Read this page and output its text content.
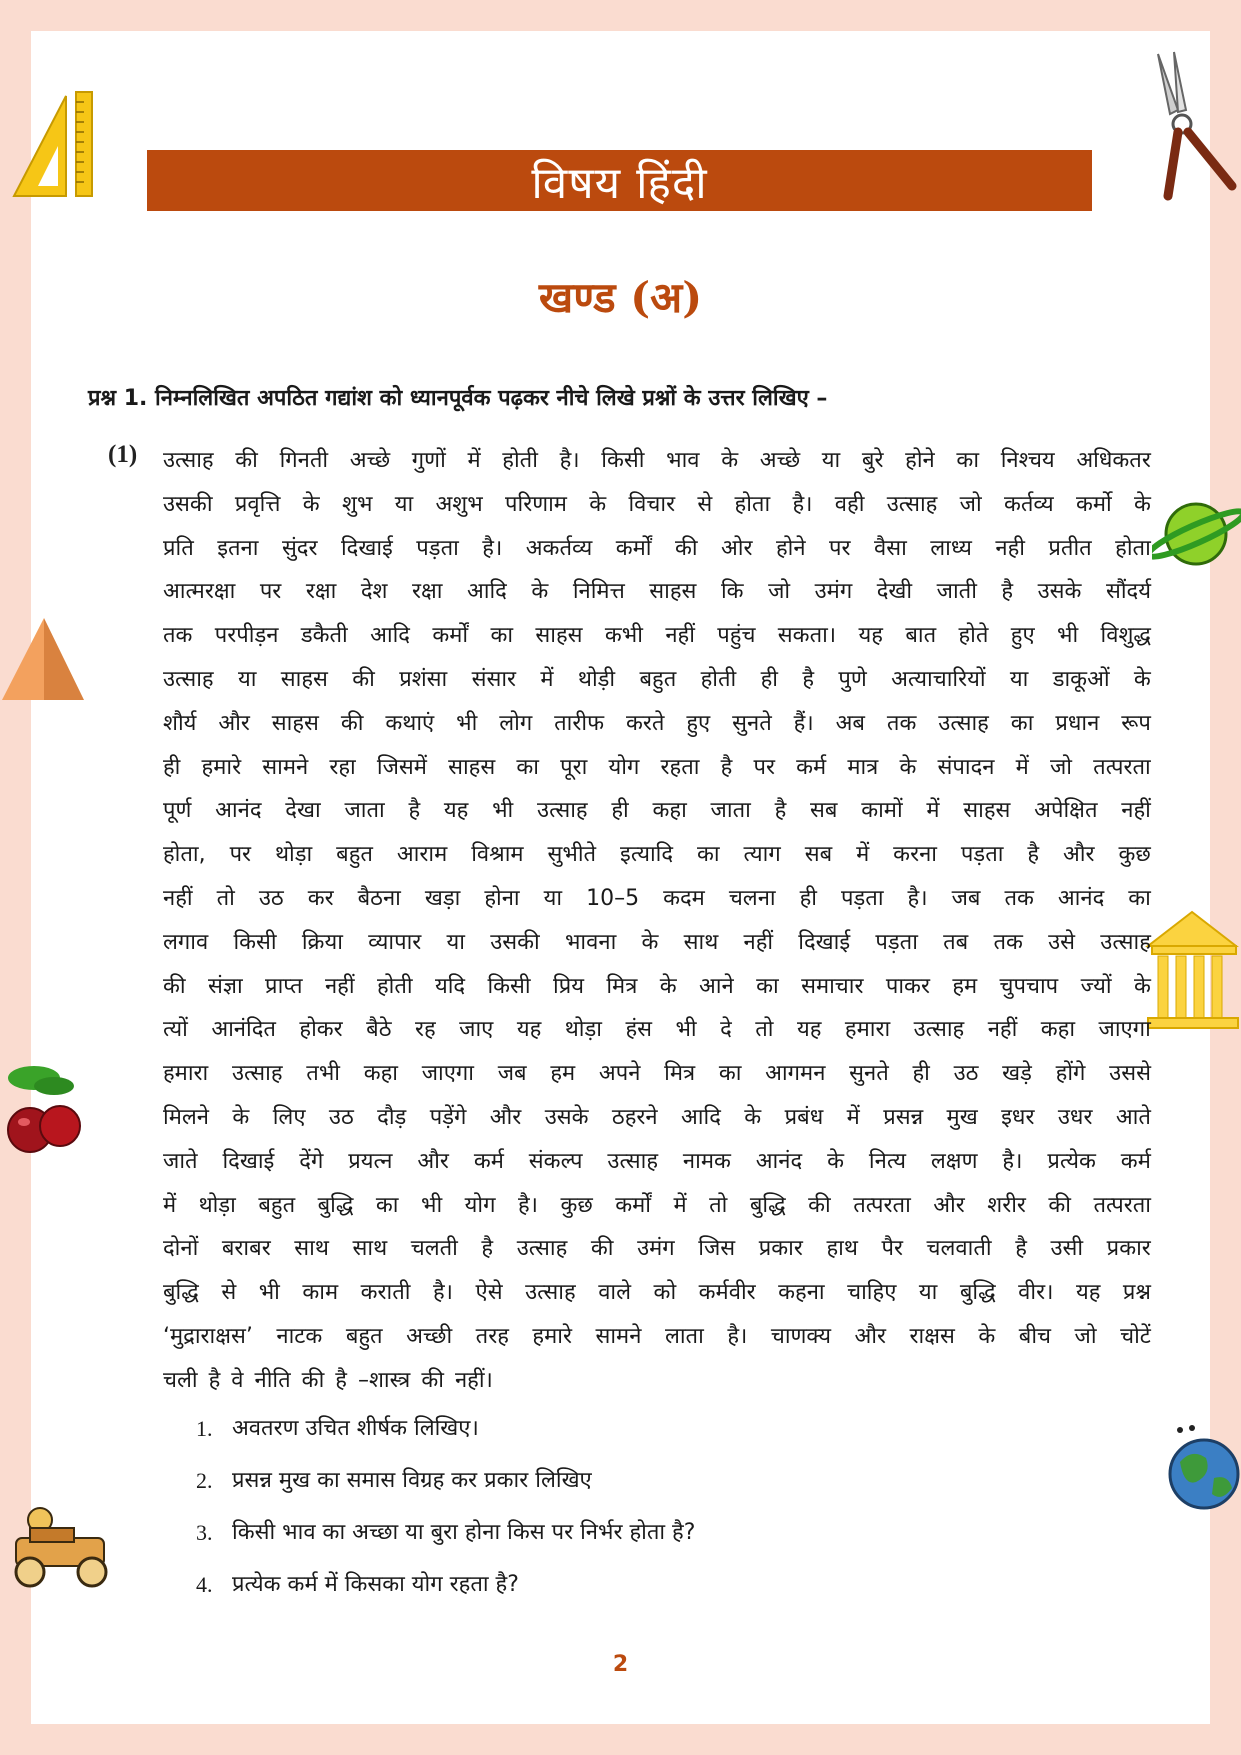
विषय हिंदी
खण्ड (अ)
प्रश्न 1. निम्नलिखित अपठित गद्यांश को ध्यानपूर्वक पढ़कर नीचे लिखे प्रश्नों के उत्तर लिखिए –
(1) उत्साह की गिनती अच्छे गुणों में होती है। किसी भाव के अच्छे या बुरे होने का निश्चय अधिकतर
उसकी प्रवृत्ति के शुभ या अशुभ परिणाम के विचार से होता है। वही उत्साह जो कर्तव्य कर्मो के
प्रति इतना सुंदर दिखाई पड़ता है। अकर्तव्य कर्मों की ओर होने पर वैसा लाध्य नही प्रतीत होता
आत्मरक्षा पर रक्षा देश रक्षा आदि के निमित्त साहस कि जो उमंग देखी जाती है उसके सौंदर्य
तक परपीड़न डकैती आदि कर्मों का साहस कभी नहीं पहुंच सकता। यह बात होते हुए भी विशुद्ध
उत्साह या साहस की प्रशंसा संसार में थोड़ी बहुत होती ही है पुणे अत्याचारियों या डाकूओं के
शौर्य और साहस की कथाएं भी लोग तारीफ करते हुए सुनते हैं। अब तक उत्साह का प्रधान रूप
ही हमारे सामने रहा जिसमें साहस का पूरा योग रहता है पर कर्म मात्र के संपादन में जो तत्परता
पूर्ण आनंद देखा जाता है यह भी उत्साह ही कहा जाता है सब कामों में साहस अपेक्षित नहीं
होता, पर थोड़ा बहुत आराम विश्राम सुभीते इत्यादि का त्याग सब में करना पड़ता है और कुछ
नहीं तो उठ कर बैठना खड़ा होना या 10–5 कदम चलना ही पड़ता है। जब तक आनंद का
लगाव किसी क्रिया व्यापार या उसकी भावना के साथ नहीं दिखाई पड़ता तब तक उसे उत्साह
की संज्ञा प्राप्त नहीं होती यदि किसी प्रिय मित्र के आने का समाचार पाकर हम चुपचाप ज्यों के
त्यों आनंदित होकर बैठे रह जाए यह थोड़ा हंस भी दे तो यह हमारा उत्साह नहीं कहा जाएगा
हमारा उत्साह तभी कहा जाएगा जब हम अपने मित्र का आगमन सुनते ही उठ खड़े होंगे उससे
मिलने के लिए उठ दौड़ पड़ेंगे और उसके ठहरने आदि के प्रबंध में प्रसन्न मुख इधर उधर आते
जाते दिखाई देंगे प्रयत्न और कर्म संकल्प उत्साह नामक आनंद के नित्य लक्षण है। प्रत्येक कर्म
में थोड़ा बहुत बुद्धि का भी योग है। कुछ कर्मों में तो बुद्धि की तत्परता और शरीर की तत्परता
दोनों बराबर साथ साथ चलती है उत्साह की उमंग जिस प्रकार हाथ पैर चलवाती है उसी प्रकार
बुद्धि से भी काम कराती है। ऐसे उत्साह वाले को कर्मवीर कहना चाहिए या बुद्धि वीर। यह प्रश्न
‘मुद्राराक्षस’ नाटक बहुत अच्छी तरह हमारे सामने लाता है। चाणक्य और राक्षस के बीच जो चोटें
चली है वे नीति की है –शास्त्र की नहीं।
1. अवतरण उचित शीर्षक लिखिए।
2. प्रसन्न मुख का समास विग्रह कर प्रकार लिखिए
3. किसी भाव का अच्छा या बुरा होना किस पर निर्भर होता है?
4. प्रत्येक कर्म में किसका योग रहता है?
2
